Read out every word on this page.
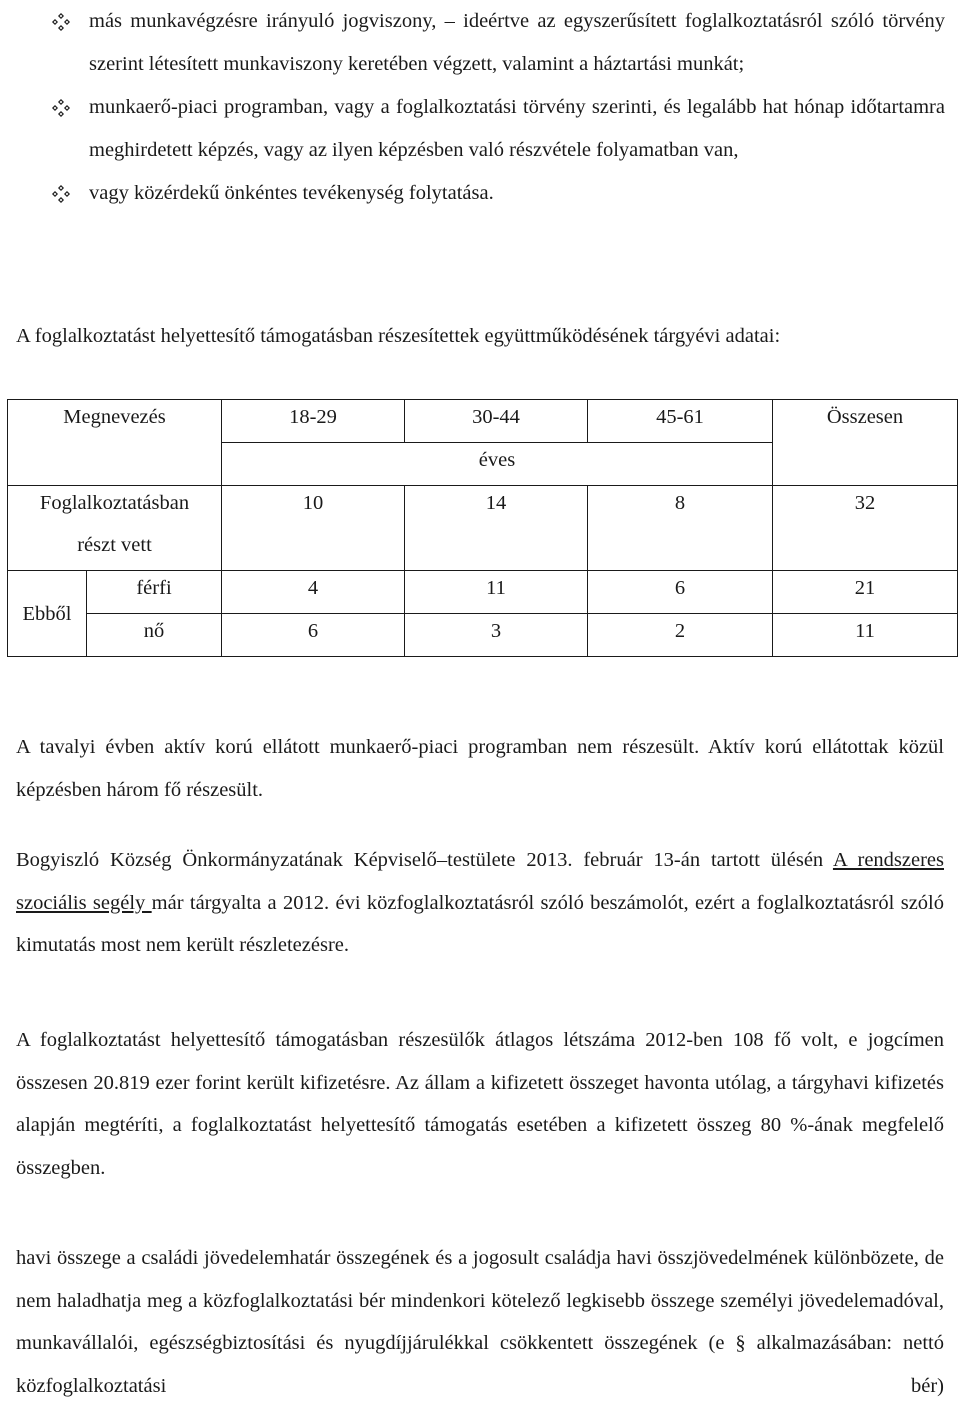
más munkavégzésre irányuló jogviszony, – ideértve az egyszerűsített foglalkoztatásról szóló törvény szerint létesített munkaviszony keretében végzett, valamint a háztartási munkát;
munkaerő-piaci programban, vagy a foglalkoztatási törvény szerinti, és legalább hat hónap időtartamra meghirdetett képzés, vagy az ilyen képzésben való részvétele folyamatban van,
vagy közérdekű önkéntes tevékenység folytatása.
A foglalkoztatást helyettesítő támogatásban részesítettek együttműködésének tárgyévi adatai:
Megnevezés		18-29	30-44	45-61	Összesen
		éves			
Foglalkoztatásban		10	14	8	32
részt vett					
Ebből	férfi	4	11	6	21
	nő	6	3	2	11
A tavalyi évben aktív korú ellátott munkaerő-piaci programban nem részesült. Aktív korú ellátottak közül képzésben három fő részesült.
Bogyiszló Község Önkormányzatának Képviselő–testülete 2013. február 13-án tartott ülésén A rendszeres szociális segély már tárgyalta a 2012. évi közfoglalkoztatásról szóló beszámolót, ezért a foglalkoztatásról szóló kimutatás most nem került részletezésre.
A foglalkoztatást helyettesítő támogatásban részesülők átlagos létszáma 2012-ben 108 fő volt, e jogcímen összesen 20.819 ezer forint került kifizetésre. Az állam a kifizetett összeget havonta utólag, a tárgyhavi kifizetés alapján megtéríti, a foglalkoztatást helyettesítő támogatás esetében a kifizetett összeg 80 %-ának megfelelő összegben.
havi összege a családi jövedelemhatár összegének és a jogosult családja havi összjövedelmének különbözete, de nem haladhatja meg a közfoglalkoztatási bér mindenkori kötelező legkisebb összege személyi jövedelemadóval, munkavállalói, egészségbiztosítási és nyugdíjjárulékkal csökkentett összegének (e § alkalmazásában: nettó közfoglalkoztatási bér)
